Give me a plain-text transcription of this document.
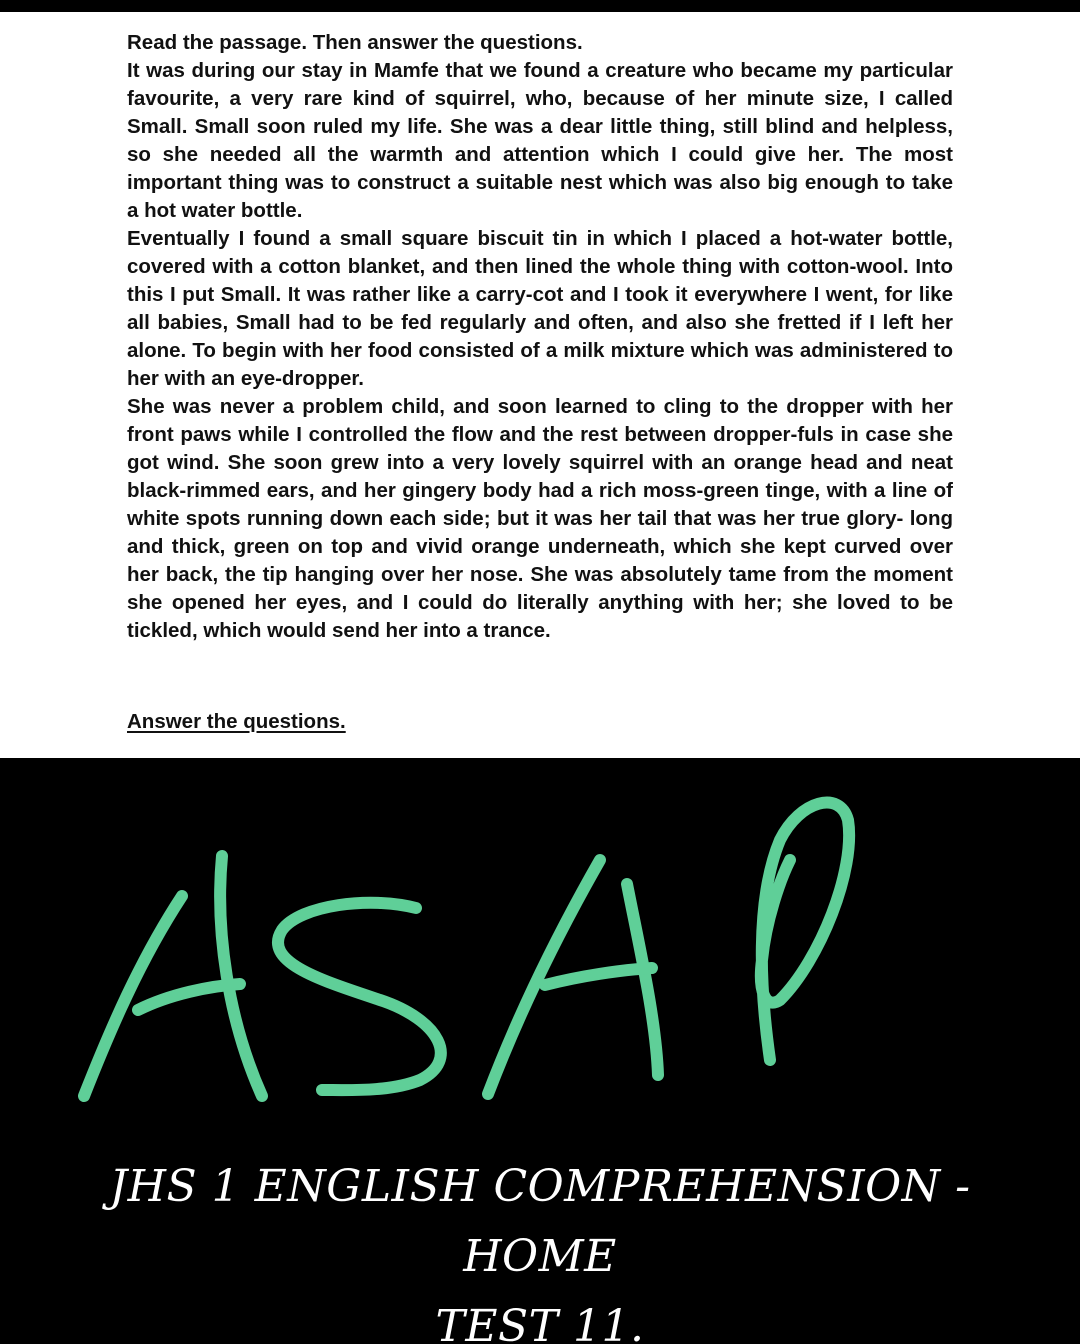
Read the passage. Then answer the questions.

It was during our stay in Mamfe that we found a creature who became my particular favourite, a very rare kind of squirrel, who, because of her minute size, I called Small. Small soon ruled my life. She was a dear little thing, still blind and helpless, so she needed all the warmth and attention which I could give her. The most important thing was to construct a suitable nest which was also big enough to take a hot water bottle.

Eventually I found a small square biscuit tin in which I placed a hot-water bottle, covered with a cotton blanket, and then lined the whole thing with cotton-wool. Into this I put Small. It was rather like a carry-cot and I took it everywhere I went, for like all babies, Small had to be fed regularly and often, and also she fretted if I left her alone. To begin with her food consisted of a milk mixture which was administered to her with an eye-dropper.

She was never a problem child, and soon learned to cling to the dropper with her front paws while I controlled the flow and the rest between dropper-fuls in case she got wind. She soon grew into a very lovely squirrel with an orange head and neat black-rimmed ears, and her gingery body had a rich moss-green tinge, with a line of white spots running down each side; but it was her tail that was her true glory- long and thick, green on top and vivid orange underneath, which she kept curved over her back, the tip hanging over her nose. She was absolutely tame from the moment she opened her eyes, and I could do literally anything with her; she loved to be tickled, which would send her into a trance.

Answer the questions.
JHS 1 ENGLISH COMPREHENSION - HOME
TEST 11.
